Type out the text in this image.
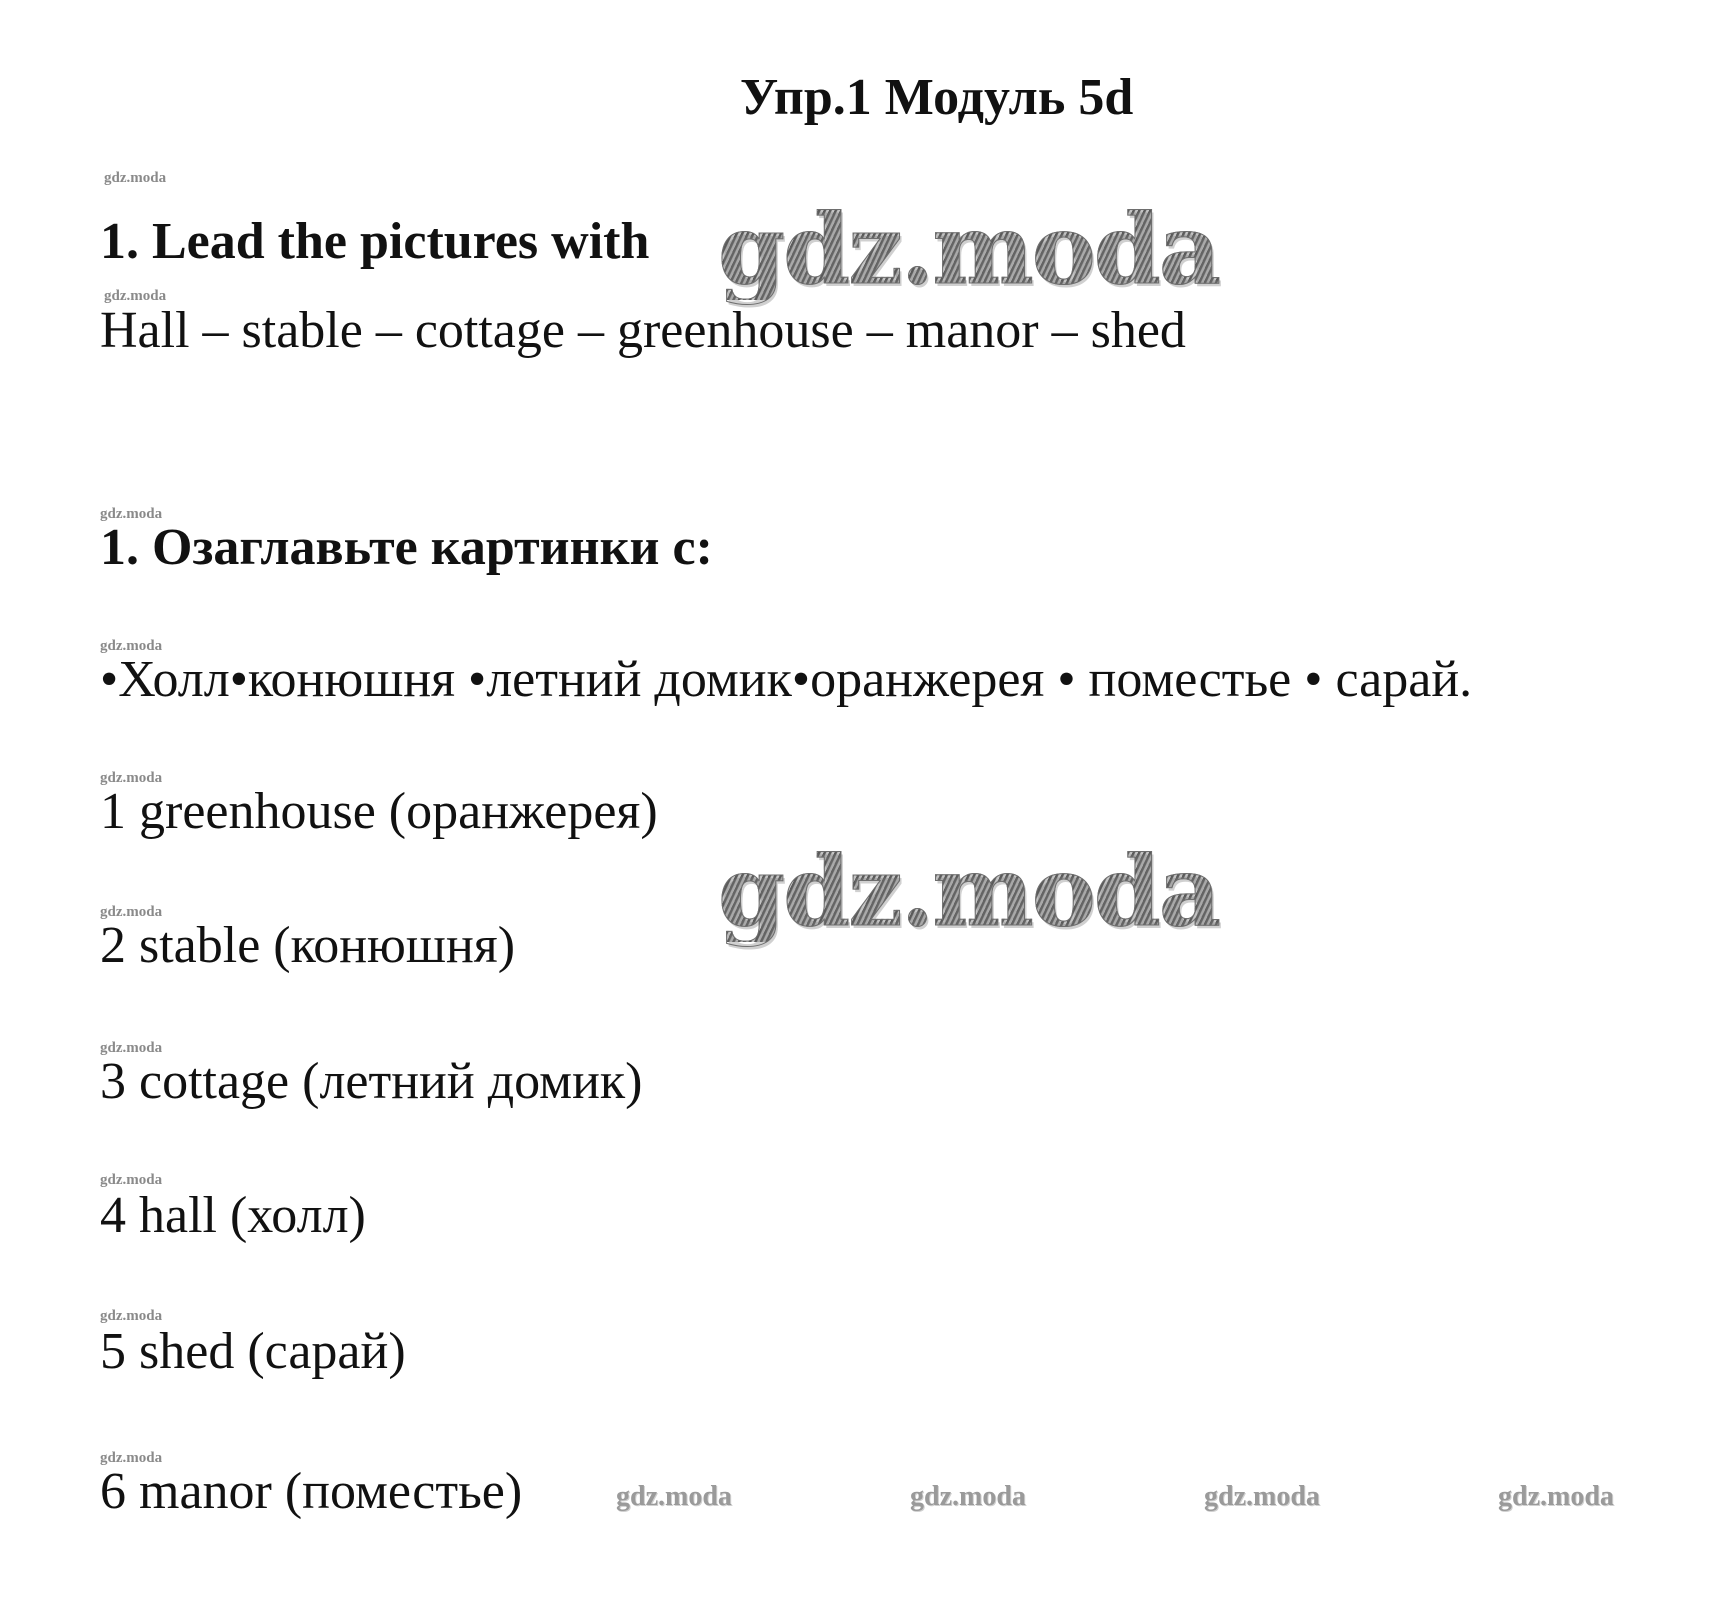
Упр.1 Модуль 5d
gdz.moda
gdz.moda
gdz.moda
gdz.moda
gdz.moda
gdz.moda
gdz.moda
gdz.moda
gdz.moda
gdz.moda
1. Lead the pictures with gdz.moda
Hall – stable – cottage – greenhouse – manor – shed
1. Озаглавьте картинки с:
•Холл•конюшня •летний домик•оранжерея • поместье • сарай.
1 greenhouse (оранжерея)
gdz.moda
2 stable (конюшня)
3 cottage (летний домик)
4 hall (холл)
5 shed (сарай)
6 manor (поместье)	gdz.moda	gdz.moda	gdz.moda	gdz.moda
